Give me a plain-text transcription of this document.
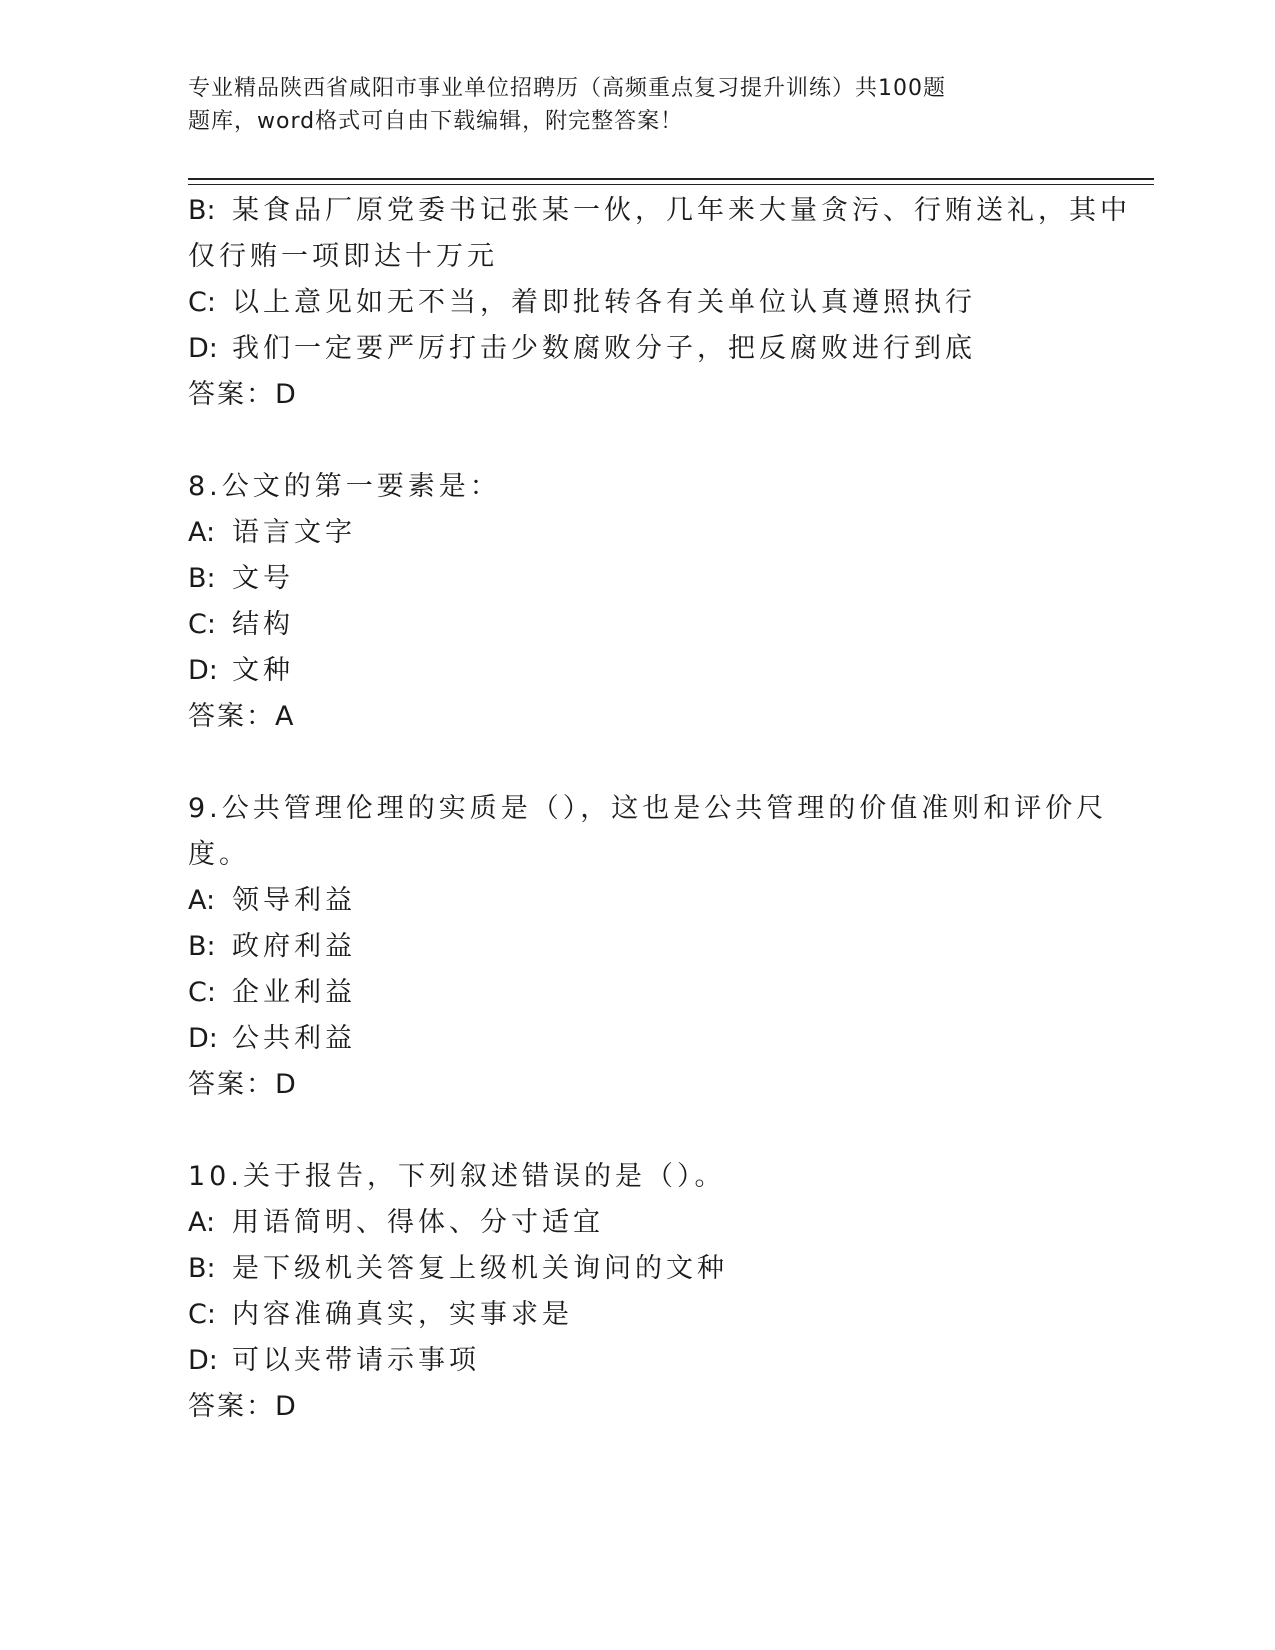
专业精品陕西省咸阳市事业单位招聘历（高频重点复习提升训练）共100题
题库，word格式可自由下载编辑，附完整答案！
B: 某食品厂原党委书记张某一伙，几年来大量贪污、行贿送礼，其中
仅行贿一项即达十万元
C: 以上意见如无不当，着即批转各有关单位认真遵照执行
D: 我们一定要严厉打击少数腐败分子，把反腐败进行到底
答案：D
8.公文的第一要素是：
A: 语言文字
B: 文号
C: 结构
D: 文种
答案：A
9.公共管理伦理的实质是（），这也是公共管理的价值准则和评价尺
度。
A: 领导利益
B: 政府利益
C: 企业利益
D: 公共利益
答案：D
10.关于报告，下列叙述错误的是（）。
A: 用语简明、得体、分寸适宜
B: 是下级机关答复上级机关询问的文种
C: 内容准确真实，实事求是
D: 可以夹带请示事项
答案：D
